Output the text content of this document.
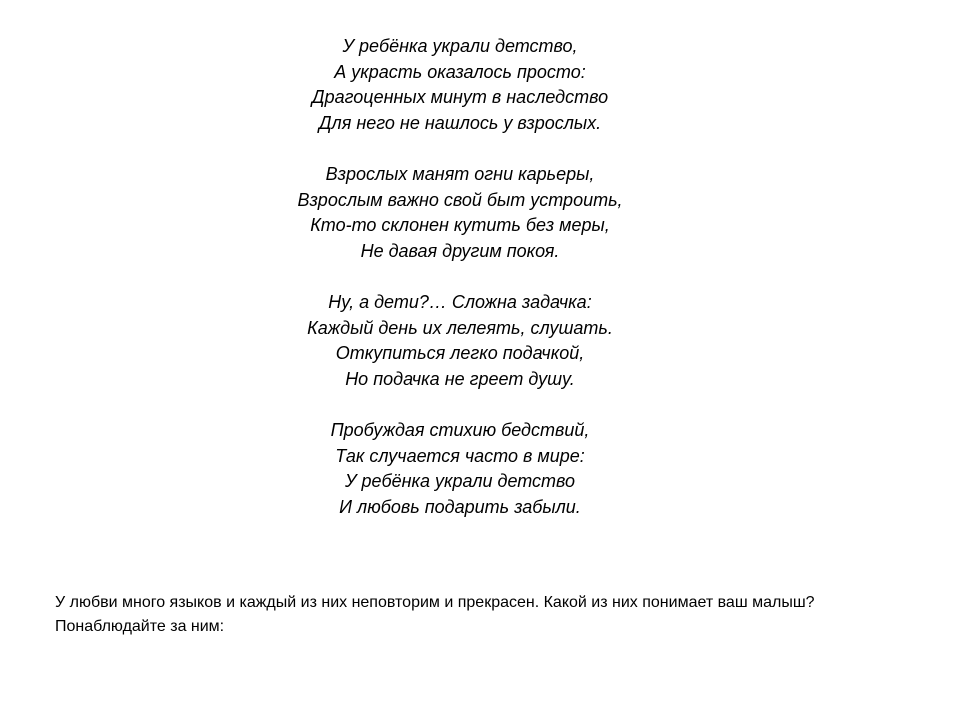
У ребёнка украли детство,
А украсть оказалось просто:
Драгоценных минут в наследство
Для него не нашлось у взрослых.
Взрослых манят огни карьеры,
Взрослым важно свой быт устроить,
Кто-то склонен кутить без меры,
Не давая другим покоя.
Ну, а дети?… Сложна задачка:
Каждый день их лелеять, слушать.
Откупиться легко подачкой,
Но подачка не греет душу.
Пробуждая стихию бедствий,
Так случается часто в мире:
У ребёнка украли детство
И любовь подарить забыли.

У любви много языков и каждый из них неповторим и прекрасен. Какой из них понимает ваш малыш? Понаблюдайте за ним:
